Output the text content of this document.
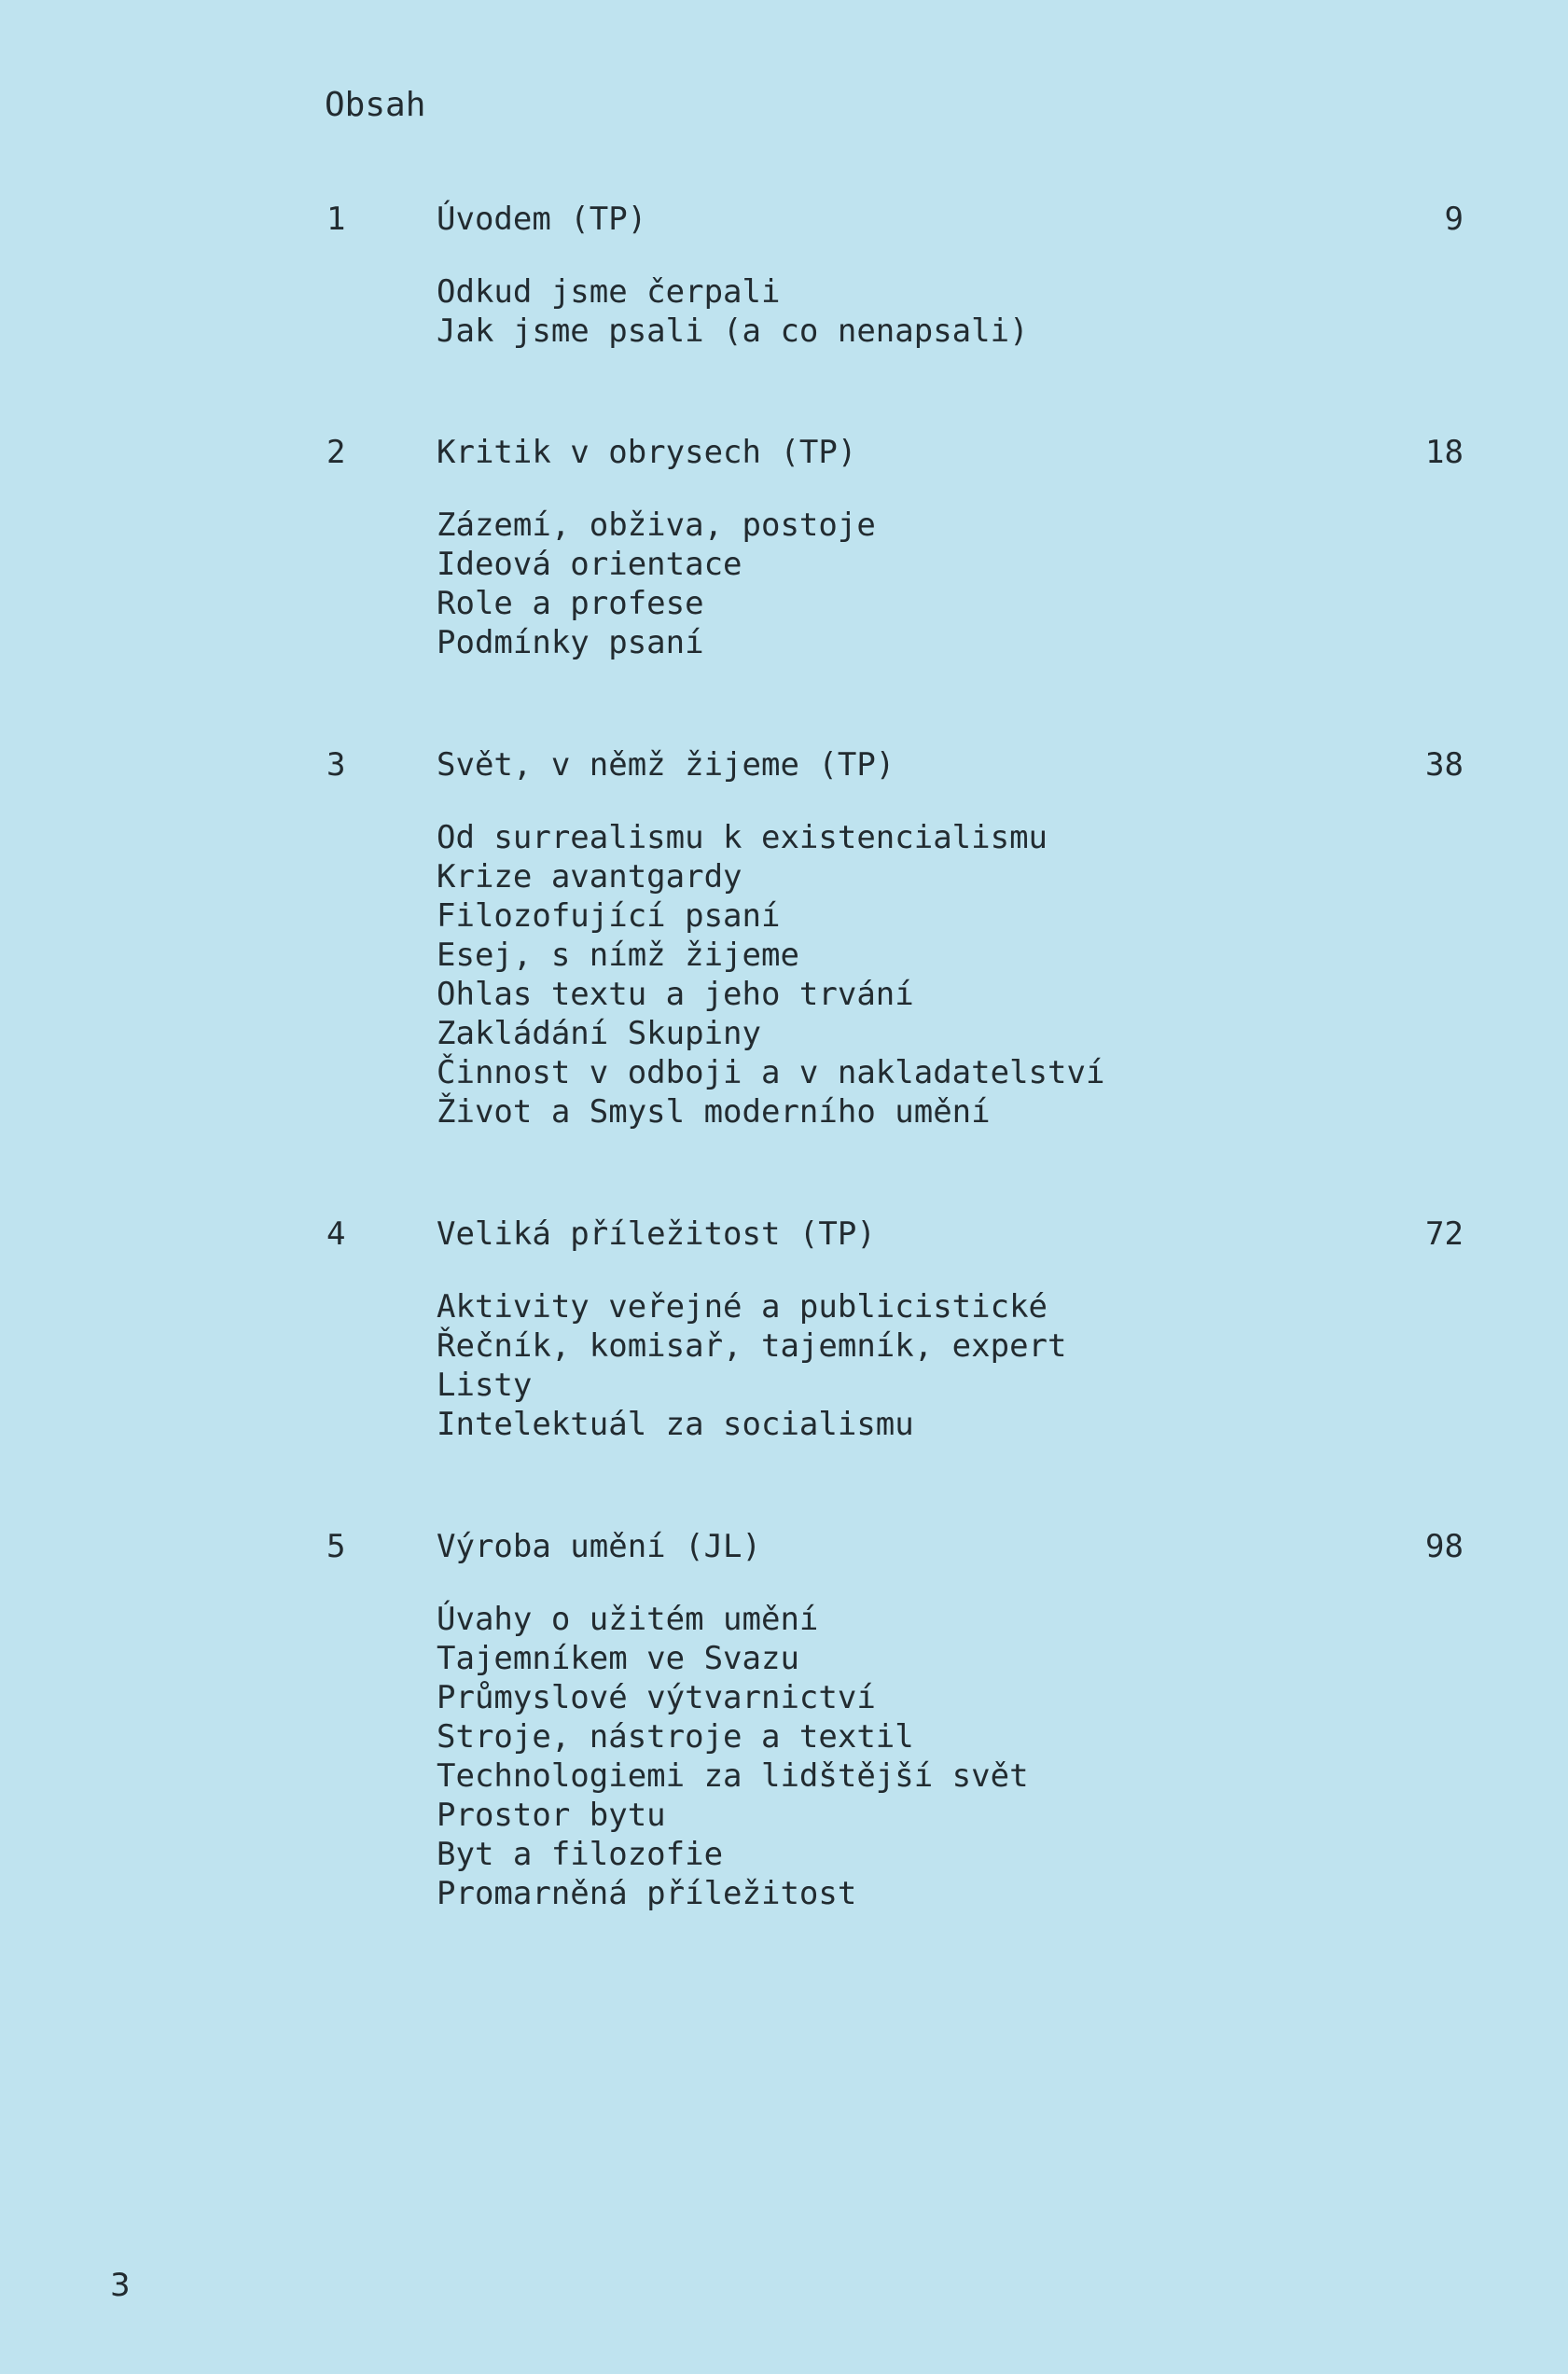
Obsah
1	Úvodem (TP)	9
Odkud jsme čerpali
Jak jsme psali (a co nenapsali)
2	Kritik v obrysech (TP)	18
Zázemí, obživa, postoje
Ideová orientace
Role a profese
Podmínky psaní
3	Svět, v němž žijeme (TP)	38
Od surrealismu k existencialismu
Krize avantgardy
Filozofující psaní
Esej, s nímž žijeme
Ohlas textu a jeho trvání
Zakládání Skupiny
Činnost v odboji a v nakladatelství
Život a Smysl moderního umění
4	Veliká příležitost (TP)	72
Aktivity veřejné a publicistické
Řečník, komisař, tajemník, expert
Listy
Intelektuál za socialismu
5	Výroba umění (JL)	98
Úvahy o užitém umění
Tajemníkem ve Svazu
Průmyslové výtvarnictví
Stroje, nástroje a textil
Technologiemi za lidštější svět
Prostor bytu
Byt a filozofie
Promarněná příležitost
3
